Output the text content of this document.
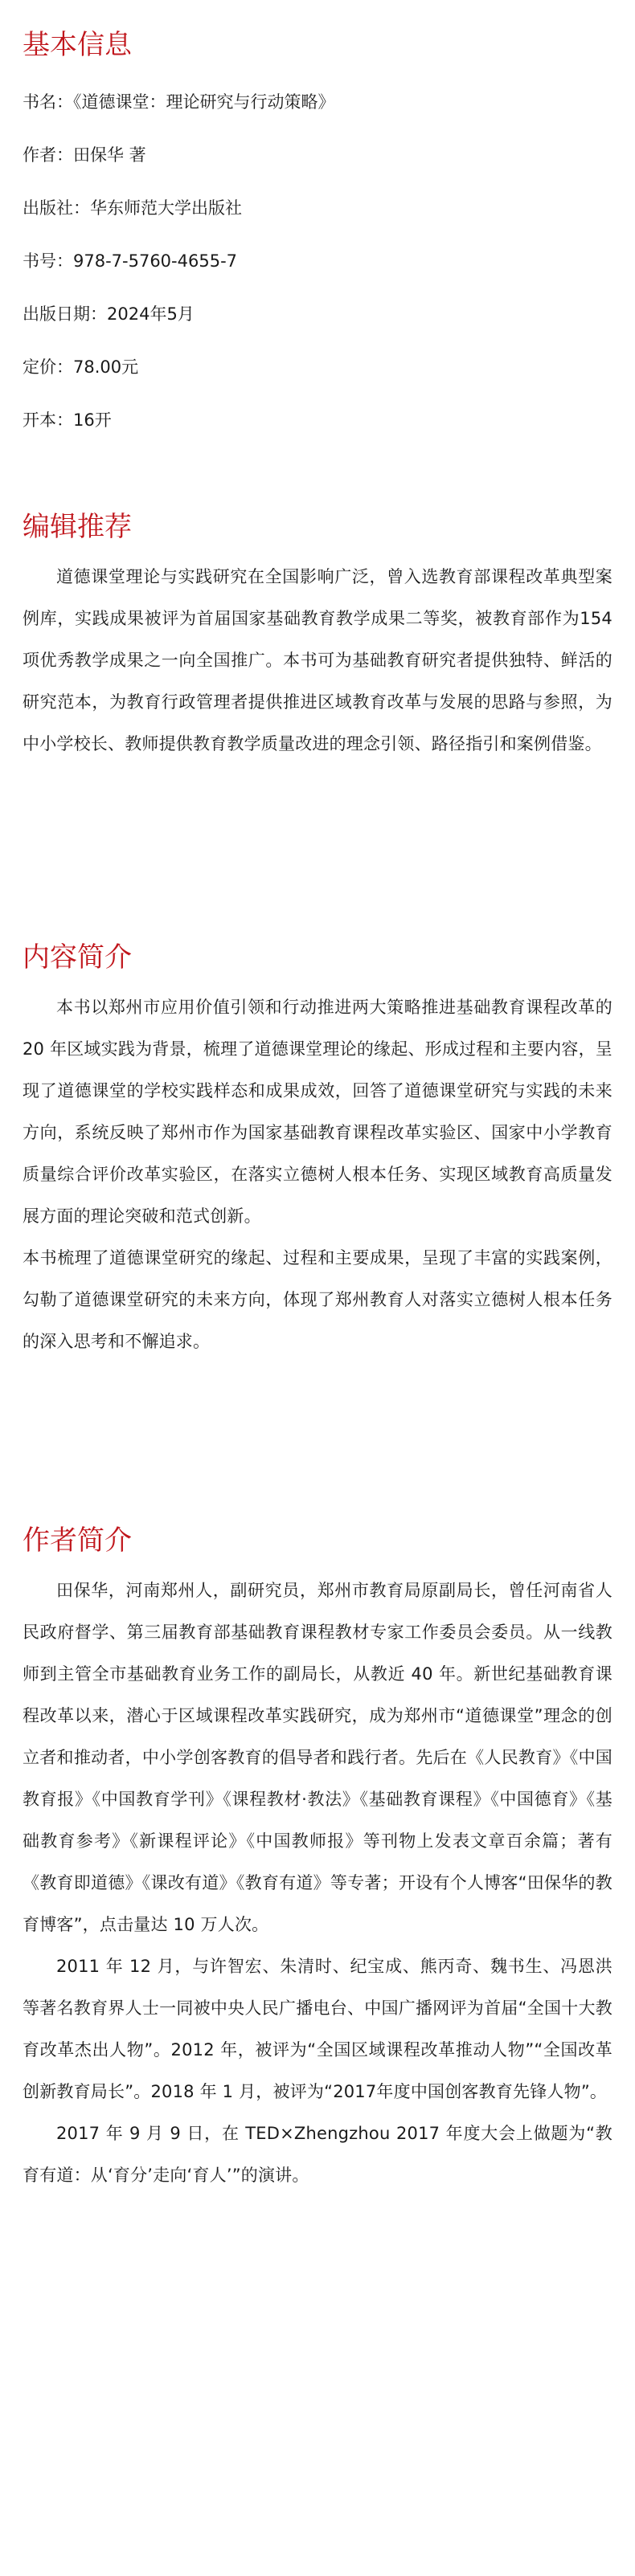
基本信息
书名：《道德课堂：理论研究与行动策略》
作者：田保华 著
出版社：华东师范大学出版社
书号：978-7-5760-4655-7
出版日期：2024年5月
定价：78.00元
开本：16开
编辑推荐

道德课堂理论与实践研究在全国影响广泛，曾入选教育部课程改革典型案例库，实践成果被评为首届国家基础教育教学成果二等奖，被教育部作为154项优秀教学成果之一向全国推广。本书可为基础教育研究者提供独特、鲜活的研究范本，为教育行政管理者提供推进区域教育改革与发展的思路与参照，为中小学校长、教师提供教育教学质量改进的理念引领、路径指引和案例借鉴。

内容简介

本书以郑州市应用价值引领和行动推进两大策略推进基础教育课程改革的 20 年区域实践为背景，梳理了道德课堂理论的缘起、形成过程和主要内容，呈现了道德课堂的学校实践样态和成果成效，回答了道德课堂研究与实践的未来方向，系统反映了郑州市作为国家基础教育课程改革实验区、国家中小学教育质量综合评价改革实验区，在落实立德树人根本任务、实现区域教育高质量发展方面的理论突破和范式创新。

本书梳理了道德课堂研究的缘起、过程和主要成果，呈现了丰富的实践案例，勾勒了道德课堂研究的未来方向，体现了郑州教育人对落实立德树人根本任务的深入思考和不懈追求。

作者简介

田保华，河南郑州人，副研究员，郑州市教育局原副局长，曾任河南省人民政府督学、第三届教育部基础教育课程教材专家工作委员会委员。从一线教师到主管全市基础教育业务工作的副局长，从教近 40 年。新世纪基础教育课程改革以来，潜心于区域课程改革实践研究，成为郑州市“道德课堂”理念的创立者和推动者，中小学创客教育的倡导者和践行者。先后在《人民教育》《中国教育报》《中国教育学刊》《课程教材·教法》《基础教育课程》《中国德育》《基础教育参考》《新课程评论》《中国教师报》等刊物上发表文章百余篇；著有《教育即道德》《课改有道》《教育有道》等专著；开设有个人博客“田保华的教育博客”，点击量达 10 万人次。

2011 年 12 月，与许智宏、朱清时、纪宝成、熊丙奇、魏书生、冯恩洪等著名教育界人士一同被中央人民广播电台、中国广播网评为首届“全国十大教育改革杰出人物”。2012 年，被评为“全国区域课程改革推动人物”“全国改革创新教育局长”。2018 年 1 月，被评为“2017年度中国创客教育先锋人物”。

2017 年 9 月 9 日，在 TED×Zhengzhou 2017 年度大会上做题为“教育有道：从‘育分’走向‘育人’”的演讲。
